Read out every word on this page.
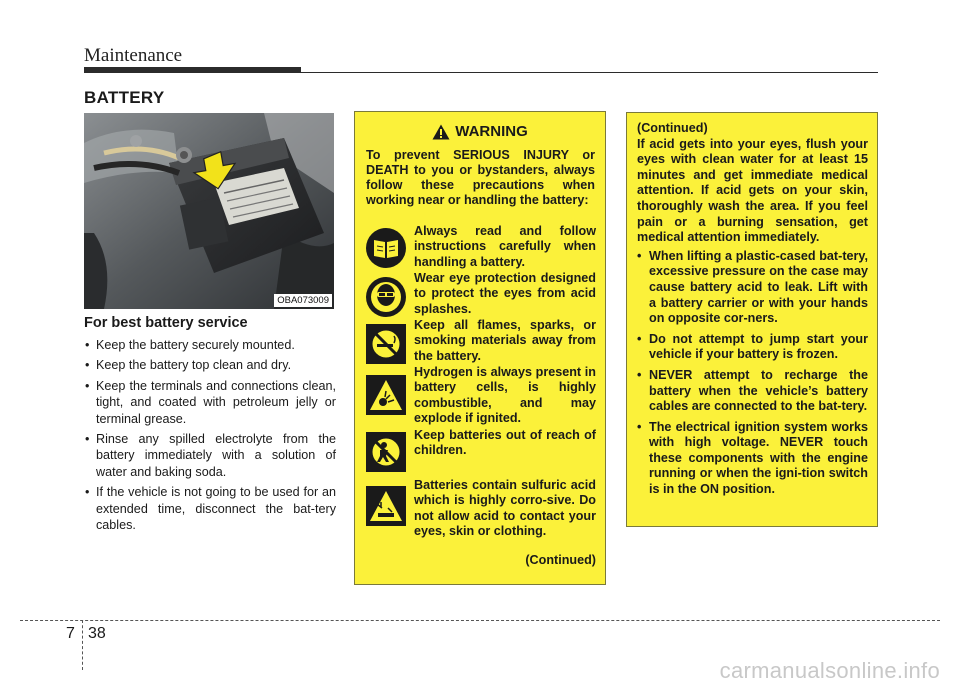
Maintenance
BATTERY
OBA073009
For best battery service
• Keep the battery securely mounted.
• Keep the battery top clean and dry.
• Keep the terminals and connections clean, tight, and coated with petroleum jelly or terminal grease.
• Rinse any spilled electrolyte from the battery immediately with a solution of water and baking soda.
• If the vehicle is not going to be used for an extended time, disconnect the bat-tery cables.
WARNING
To prevent SERIOUS INJURY or DEATH to you or bystanders, always follow these precautions when working near or handling the battery:
Always read and follow instructions carefully when handling a battery.
Wear eye protection designed to protect the eyes from acid splashes.
Keep all flames, sparks, or smoking materials away from the battery.
Hydrogen is always present in battery cells, is highly combustible, and may explode if ignited.
Keep batteries out of reach of children.
Batteries contain sulfuric acid which is highly corro-sive. Do not allow acid to contact your eyes, skin or clothing.
(Continued)
(Continued)

If acid gets into your eyes, flush your eyes with clean water for at least 15 minutes and get immediate medical attention. If acid gets on your skin, thoroughly wash the area. If you feel pain or a burning sensation, get medical attention immediately.

• When lifting a plastic-cased bat-tery, excessive pressure on the case may cause battery acid to leak. Lift with a battery carrier or with your hands on opposite cor-ners.
• Do not attempt to jump start your vehicle if your battery is frozen.
• NEVER attempt to recharge the battery when the vehicle’s battery cables are connected to the bat-tery.
• The electrical ignition system works with high voltage. NEVER touch these components with the engine running or when the igni-tion switch is in the ON position.
7 38
carmanualsonline.info
